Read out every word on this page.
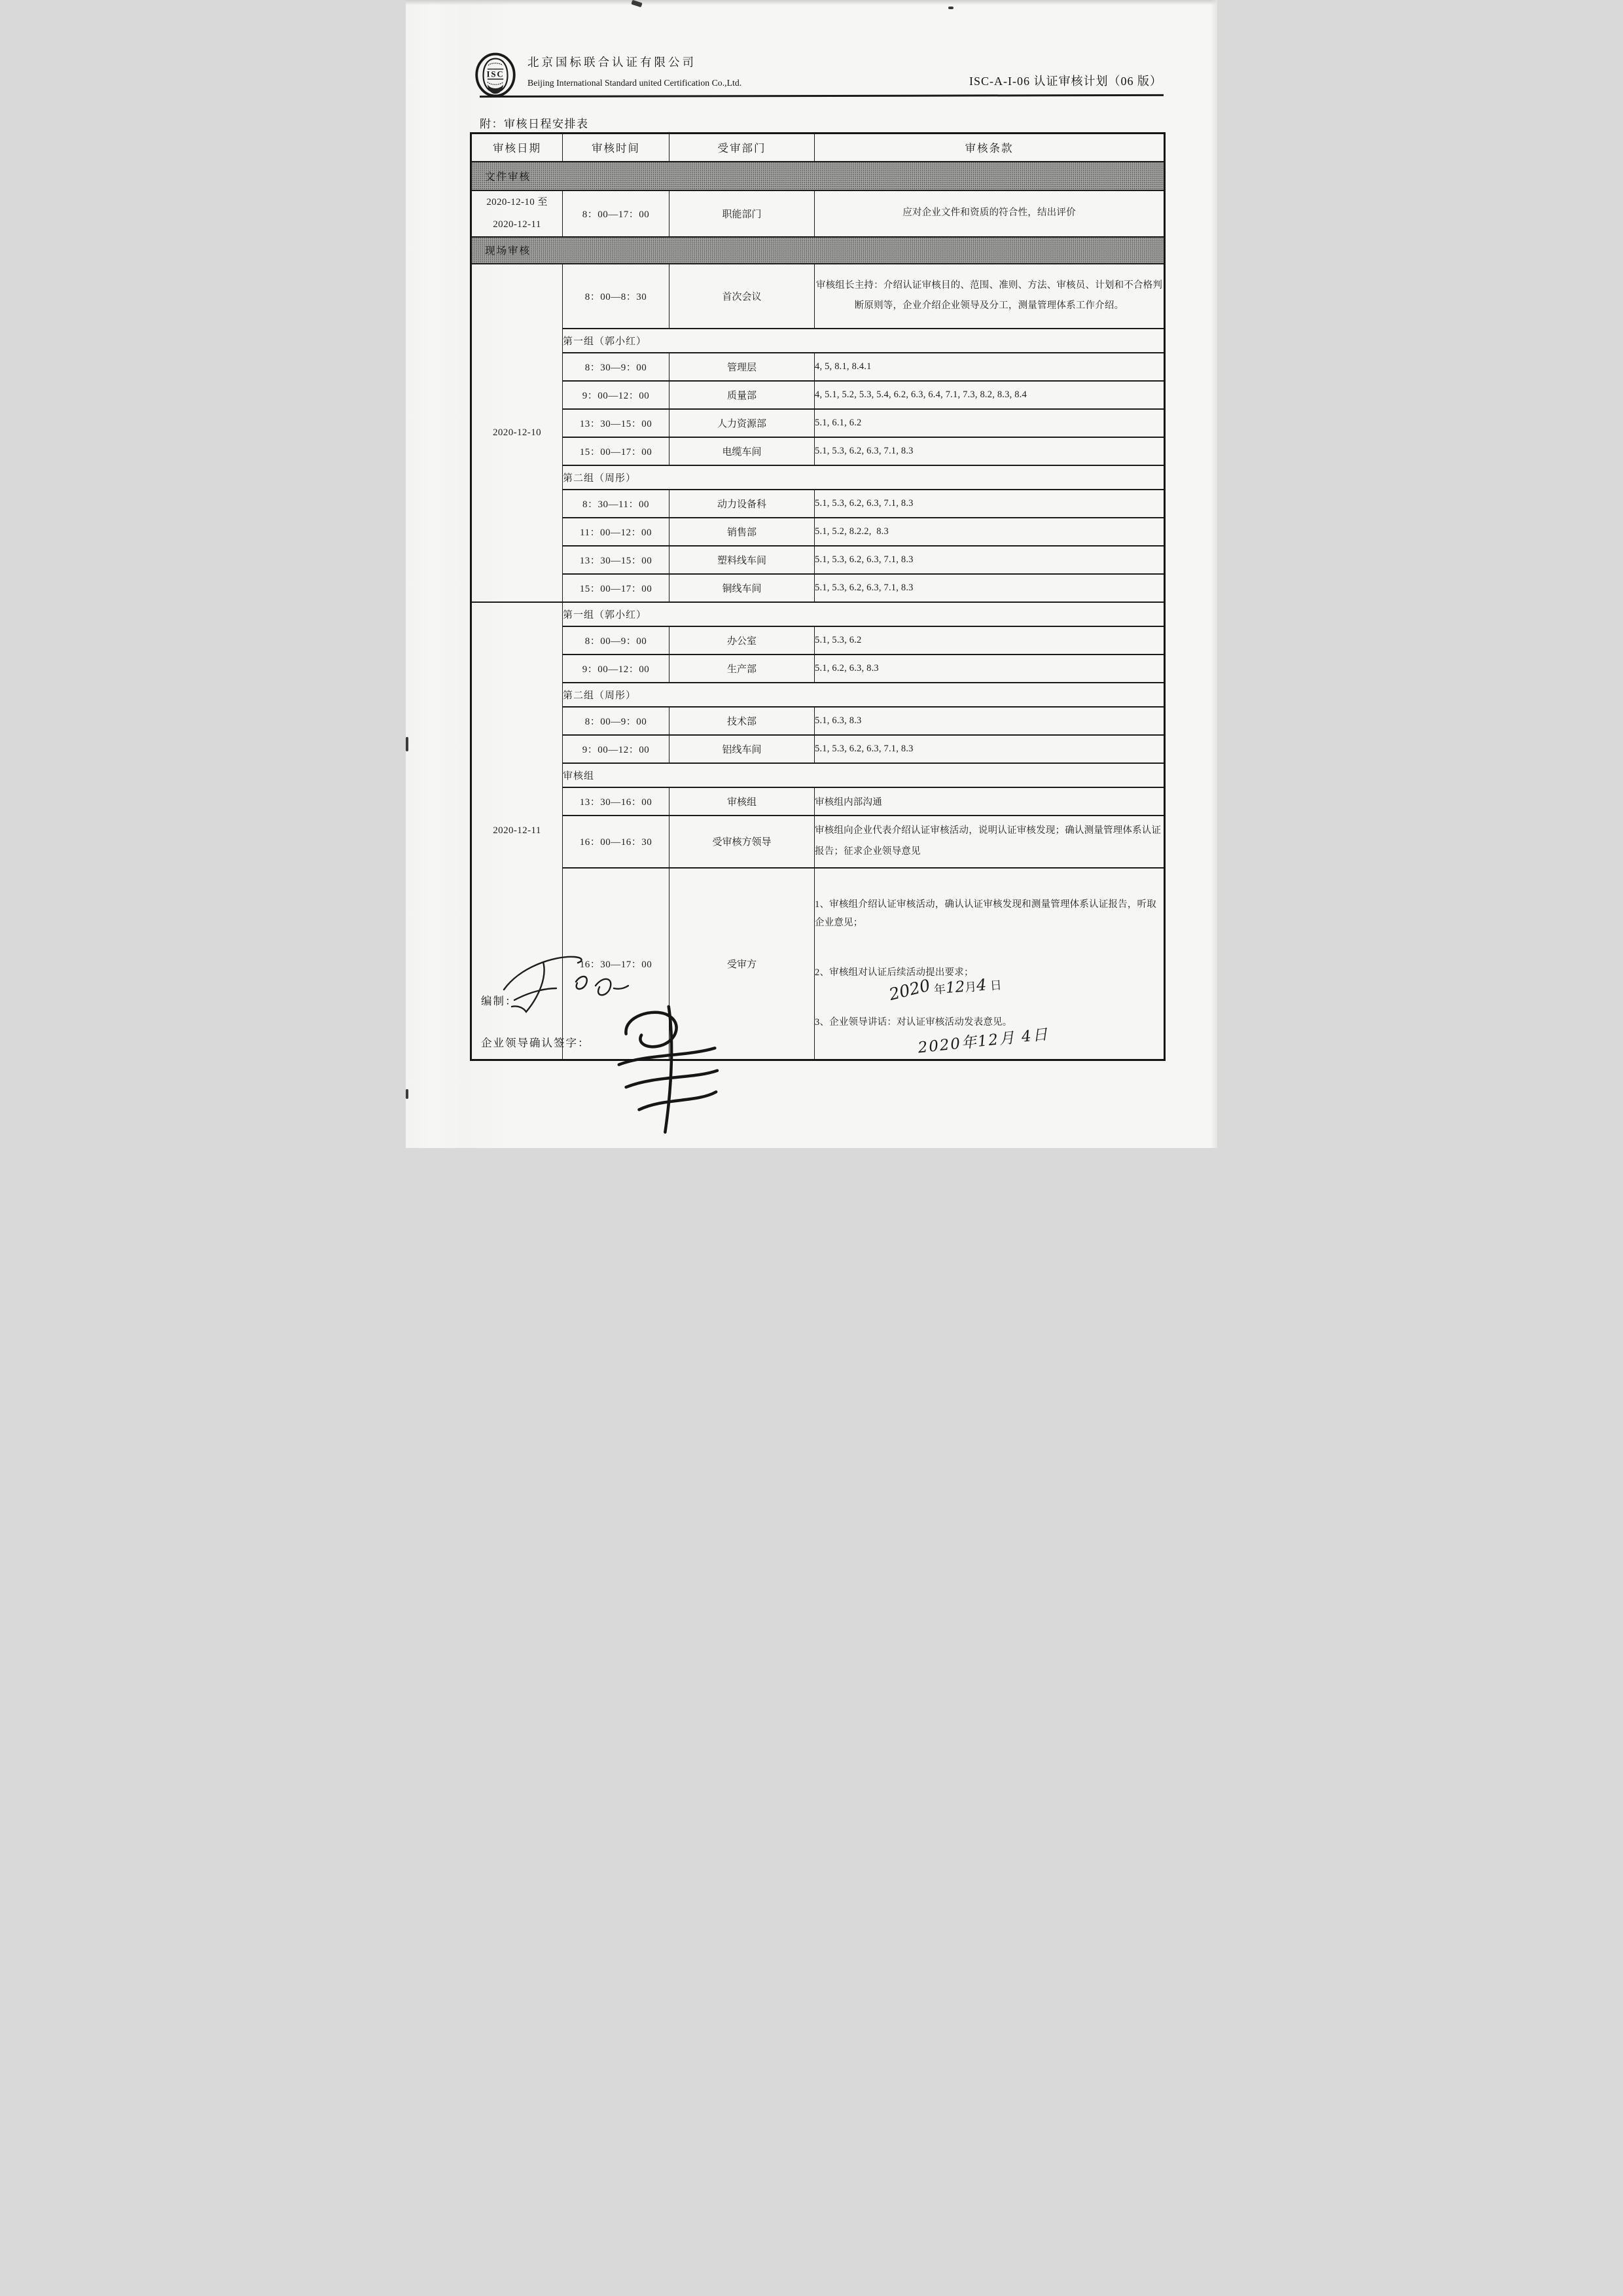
ISC
北京国标联合认证有限公司
Beijing International Standard united Certification Co.,Ltd.	ISC-A-I-06 认证审核计划（06 版）
附：审核日程安排表
审核日期	审核时间	受审部门	审核条款
文件审核			

2020-12-10 至
2020-12-11	8：00—17：00	职能部门	应对企业文件和资质的符合性，结出评价
现场审核			
2020-12-10	8：00—8：30	首次会议	审核组长主持：介绍认证审核目的、范围、准则、方法、审核员、计划和不合格判断原则等，企业介绍企业领导及分工，测量管理体系工作介绍。
	第一组（郭小红）		
	8：30—9：00	管理层	4, 5, 8.1, 8.4.1
	9：00—12：00	质量部	4, 5.1, 5.2, 5.3, 5.4, 6.2, 6.3, 6.4, 7.1, 7.3, 8.2, 8.3, 8.4
	13：30—15：00	人力资源部	5.1, 6.1, 6.2
	15：00—17：00	电缆车间	5.1, 5.3, 6.2, 6.3, 7.1, 8.3
	第二组（周彤）		
	8：30—11：00	动力设备科	5.1, 5.3, 6.2, 6.3, 7.1, 8.3
	11：00—12：00	销售部	5.1, 5.2, 8.2.2,  8.3
	13：30—15：00	塑料线车间	5.1, 5.3, 6.2, 6.3, 7.1, 8.3
	15：00—17：00	铜线车间	5.1, 5.3, 6.2, 6.3, 7.1, 8.3
2020-12-11	第一组（郭小红）		
	8：00—9：00	办公室	5.1, 5.3, 6.2
	9：00—12：00	生产部	5.1, 6.2, 6.3, 8.3
	第二组（周彤）		
	8：00—9：00	技术部	5.1, 6.3, 8.3
	9：00—12：00	铝线车间	5.1, 5.3, 6.2, 6.3, 7.1, 8.3
	审核组		
	13：30—16：00	审核组	审核组内部沟通
	16：00—16：30	受审核方领导	审核组向企业代表介绍认证审核活动，说明认证审核发现；确认测量管理体系认证报告；征求企业领导意见
	16：30—17：00	受审方	1、审核组介绍认证审核活动，确认认证审核发现和测量管理体系认证报告，听取企业意见；

2、审核组对认证后续活动提出要求；

3、企业领导讲话：对认证审核活动发表意见。

编制：	2020 年12月4 日
企业领导确认签字：	2020年12月 4日
